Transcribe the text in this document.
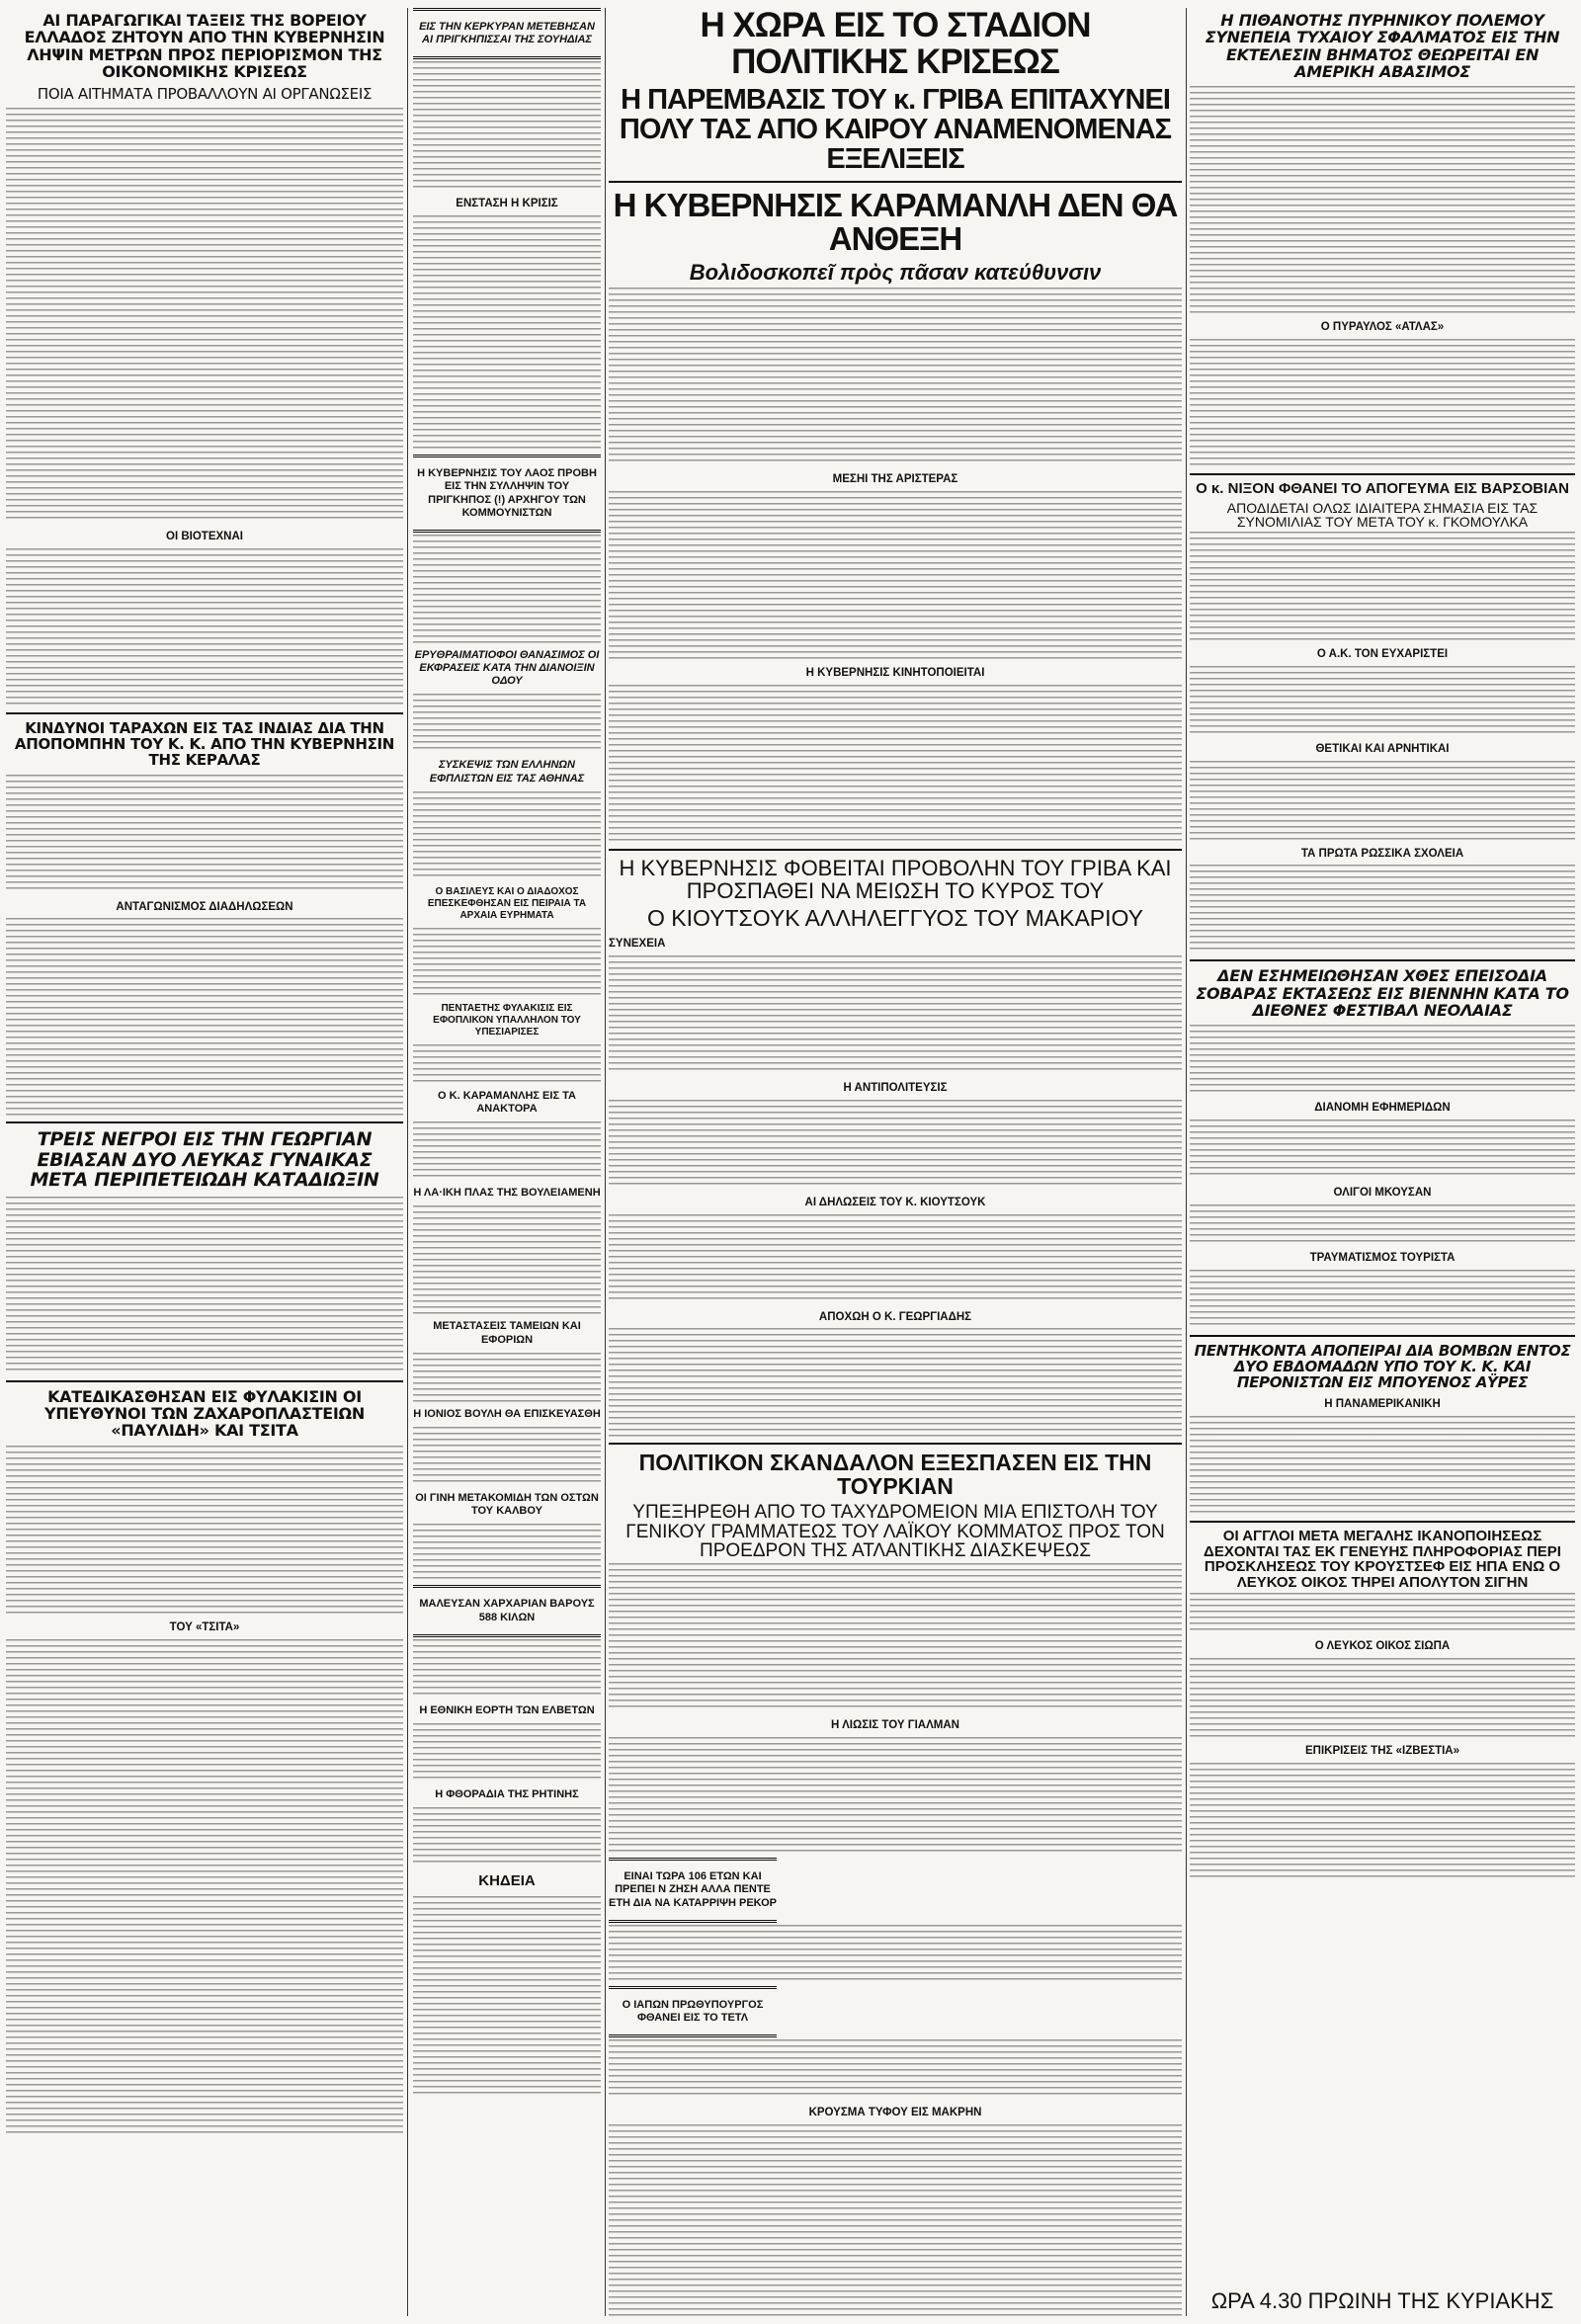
ΑΙ ΠΑΡΑΓΩΓΙΚΑΙ ΤΑΞΕΙΣ ΤΗΣ ΒΟΡΕΙΟΥ ΕΛΛΑΔΟΣ ΖΗΤΟΥΝ ΑΠΟ ΤΗΝ ΚΥΒΕΡΝΗΣΙΝ ΛΗΨΙΝ ΜΕΤΡΩΝ ΠΡΟΣ ΠΕΡΙΟΡΙΣΜΟΝ ΤΗΣ ΟΙΚΟΝΟΜΙΚΗΣ ΚΡΙΣΕΩΣ
ΠΟΙΑ ΑΙΤΗΜΑΤΑ ΠΡΟΒΑΛΛΟΥΝ ΑΙ ΟΡΓΑΝΩΣΕΙΣ
ΟΙ ΒΙΟΤΕΧΝΑΙ
ΚΙΝΔΥΝΟΙ ΤΑΡΑΧΩΝ ΕΙΣ ΤΑΣ ΙΝΔΙΑΣ ΔΙΑ ΤΗΝ ΑΠΟΠΟΜΠΗΝ ΤΟΥ Κ. Κ. ΑΠΟ ΤΗΝ ΚΥΒΕΡΝΗΣΙΝ ΤΗΣ ΚΕΡΑΛΑΣ
ΑΝΤΑΓΩΝΙΣΜΟΣ ΔΙΑΔΗΛΩΣΕΩΝ
ΤΡΕΙΣ ΝΕΓΡΟΙ ΕΙΣ ΤΗΝ ΓΕΩΡΓΙΑΝ ΕΒΙΑΣΑΝ ΔΥΟ ΛΕΥΚΑΣ ΓΥΝΑΙΚΑΣ ΜΕΤΑ ΠΕΡΙΠΕΤΕΙΩΔΗ ΚΑΤΑΔΙΩΞΙΝ
ΚΑΤΕΔΙΚΑΣΘΗΣΑΝ ΕΙΣ ΦΥΛΑΚΙΣΙΝ ΟΙ ΥΠΕΥΘΥΝΟΙ ΤΩΝ ΖΑΧΑΡΟΠΛΑΣΤΕΙΩΝ «ΠΑΥΛΙΔΗ» ΚΑΙ ΤΣΙΤΑ
ΤΟΥ «ΤΣΙΤΑ»
ΕΙΣ ΤΗΝ ΚΕΡΚΥΡΑΝ ΜΕΤΕΒΗΣΑΝ ΑΙ ΠΡΙΓΚΗΠΙΣΣΑΙ ΤΗΣ ΣΟΥΗΔΙΑΣ
ΕΝΣΤΑΣΗ Η ΚΡΙΣΙΣ
Η ΚΥΒΕΡΝΗΣΙΣ ΤΟΥ ΛΑΟΣ ΠΡΟΒΗ ΕΙΣ ΤΗΝ ΣΥΛΛΗΨΙΝ ΤΟΥ ΠΡΙΓΚΗΠΟΣ (!) ΑΡΧΗΓΟΥ ΤΩΝ ΚΟΜΜΟΥΝΙΣΤΩΝ
ΕΡΥΘΡΑΙΜΑΤΙΟΦΟΙ ΘΑΝΑΣΙΜΟΣ ΟΙ ΕΚΦΡΑΣΕΙΣ ΚΑΤΑ ΤΗΝ ΔΙΑΝΟΙΞΙΝ ΟΔΟΥ
ΣΥΣΚΕΨΙΣ ΤΩΝ ΕΛΛΗΝΩΝ ΕΦΠΛΙΣΤΩΝ ΕΙΣ ΤΑΣ ΑΘΗΝΑΣ
Ο ΒΑΣΙΛΕΥΣ ΚΑΙ Ο ΔΙΑΔΟΧΟΣ ΕΠΕΣΚΕΦΘΗΣΑΝ ΕΙΣ ΠΕΙΡΑΙΑ ΤΑ ΑΡΧΑΙΑ ΕΥΡΗΜΑΤΑ
ΠΕΝΤΑΕΤΗΣ ΦΥΛΑΚΙΣΙΣ ΕΙΣ ΕΦΟΠΛΙΚΟΝ ΥΠΑΛΛΗΛΟΝ ΤΟΥ ΥΠΕΣΙΑΡΙΣΕΣ
Ο Κ. ΚΑΡΑΜΑΝΛΗΣ ΕΙΣ ΤΑ ΑΝΑΚΤΟΡΑ
Η ΛΑ·ΙΚΗ ΠΛΑΣ ΤΗΣ ΒΟΥΛΕΙΑΜΕΝΗ
ΜΕΤΑΣΤΑΣΕΙΣ ΤΑΜΕΙΩΝ ΚΑΙ ΕΦΟΡΙΩΝ
Η ΙΟΝΙΟΣ ΒΟΥΛΗ ΘΑ ΕΠΙΣΚΕΥΑΣΘΗ
ΟΙ ΓΙΝΗ ΜΕΤΑΚΟΜΙΔΗ ΤΩΝ ΟΣΤΩΝ ΤΟΥ ΚΑΛΒΟΥ
ΜΑΛΕΥΣΑΝ ΧΑΡΧΑΡΙΑΝ ΒΑΡΟΥΣ 588 ΚΙΛΩΝ
Η ΕΘΝΙΚΗ ΕΟΡΤΗ ΤΩΝ ΕΛΒΕΤΩΝ
Η ΦΘΟΡΑΔΙΑ ΤΗΣ ΡΗΤΙΝΗΣ
ΚΗΔΕΙΑ
Η ΧΩΡΑ ΕΙΣ ΤΟ ΣΤΑΔΙΟΝ ΠΟΛΙΤΙΚΗΣ ΚΡΙΣΕΩΣ
Η ΠΑΡΕΜΒΑΣΙΣ ΤΟΥ κ. ΓΡΙΒΑ ΕΠΙΤΑΧΥΝΕΙ ΠΟΛΥ ΤΑΣ ΑΠΟ ΚΑΙΡΟΥ ΑΝΑΜΕΝΟΜΕΝΑΣ ΕΞΕΛΙΞΕΙΣ
Η ΚΥΒΕΡΝΗΣΙΣ ΚΑΡΑΜΑΝΛΗ ΔΕΝ ΘΑ ΑΝΘΕΞΗ
Βολιδοσκοπεῖ πρὸς πᾶσαν κατεύθυνσιν
ΜΕΣΗΙ ΤΗΣ ΑΡΙΣΤΕΡΑΣ
Η ΚΥΒΕΡΝΗΣΙΣ ΚΙΝΗΤΟΠΟΙΕΙΤΑΙ
Η ΚΥΒΕΡΝΗΣΙΣ ΦΟΒΕΙΤΑΙ ΠΡΟΒΟΛΗΝ ΤΟΥ ΓΡΙΒΑ ΚΑΙ ΠΡΟΣΠΑΘΕΙ ΝΑ ΜΕΙΩΣΗ ΤΟ ΚΥΡΟΣ ΤΟΥ
Ο ΚΙΟΥΤΣΟΥΚ ΑΛΛΗΛΕΓΓΥΟΣ ΤΟΥ ΜΑΚΑΡΙΟΥ
ΣΥΝΕΧΕΙΑ
Η ΑΝΤΙΠΟΛΙΤΕΥΣΙΣ
ΑΙ ΔΗΛΩΣΕΙΣ ΤΟΥ Κ. ΚΙΟΥΤΣΟΥΚ
ΑΠΟΧΩΗ Ο Κ. ΓΕΩΡΓΙΑΔΗΣ
ΠΟΛΙΤΙΚΟΝ ΣΚΑΝΔΑΛΟΝ ΕΞΕΣΠΑΣΕΝ ΕΙΣ ΤΗΝ ΤΟΥΡΚΙΑΝ
ΥΠΕΞΗΡΕΘΗ ΑΠΟ ΤΟ ΤΑΧΥΔΡΟΜΕΙΟΝ ΜΙΑ ΕΠΙΣΤΟΛΗ ΤΟΥ ΓΕΝΙΚΟΥ ΓΡΑΜΜΑΤΕΩΣ ΤΟΥ ΛΑΪΚΟΥ ΚΟΜΜΑΤΟΣ ΠΡΟΣ ΤΟΝ ΠΡΟΕΔΡΟΝ ΤΗΣ ΑΤΛΑΝΤΙΚΗΣ ΔΙΑΣΚΕΨΕΩΣ
Η ΛΙΩΣΙΣ ΤΟΥ ΓΙΑΛΜΑΝ
ΕΙΝΑΙ ΤΩΡΑ 106 ΕΤΩΝ ΚΑΙ ΠΡΕΠΕΙ Ν ΖΗΣΗ ΑΛΛΑ ΠΕΝΤΕ ΕΤΗ ΔΙΑ ΝΑ ΚΑΤΑΡΡΙΨΗ ΡΕΚΟΡ
Ο ΙΑΠΩΝ ΠΡΩΘΥΠΟΥΡΓΟΣ ΦΘΑΝΕΙ ΕΙΣ ΤΟ ΤΕΤΛ
ΚΡΟΥΣΜΑ ΤΥΦΟΥ ΕΙΣ ΜΑΚΡΗΝ
Η ΠΙΘΑΝΟΤΗΣ ΠΥΡΗΝΙΚΟΥ ΠΟΛΕΜΟΥ ΣΥΝΕΠΕΙΑ ΤΥΧΑΙΟΥ ΣΦΑΛΜΑΤΟΣ ΕΙΣ ΤΗΝ ΕΚΤΕΛΕΣΙΝ ΒΗΜΑΤΟΣ ΘΕΩΡΕΙΤΑΙ ΕΝ ΑΜΕΡΙΚΗ ΑΒΑΣΙΜΟΣ
Ο ΠΥΡΑΥΛΟΣ «ΑΤΛΑΣ»
Ο κ. ΝΙΞΟΝ ΦΘΑΝΕΙ ΤΟ ΑΠΟΓΕΥΜΑ ΕΙΣ ΒΑΡΣΟΒΙΑΝ
ΑΠΟΔΙΔΕΤΑΙ ΟΛΩΣ ΙΔΙΑΙΤΕΡΑ ΣΗΜΑΣΙΑ ΕΙΣ ΤΑΣ ΣΥΝΟΜΙΛΙΑΣ ΤΟΥ ΜΕΤΑ ΤΟΥ κ. ΓΚΟΜΟΥΛΚΑ
Ο Α.Κ. ΤΟΝ ΕΥΧΑΡΙΣΤΕΙ
ΘΕΤΙΚΑΙ ΚΑΙ ΑΡΝΗΤΙΚΑΙ
ΤΑ ΠΡΩΤΑ ΡΩΣΣΙΚΑ ΣΧΟΛΕΙΑ
ΔΕΝ ΕΣΗΜΕΙΩΘΗΣΑΝ ΧΘΕΣ ΕΠΕΙΣΟΔΙΑ ΣΟΒΑΡΑΣ ΕΚΤΑΣΕΩΣ ΕΙΣ ΒΙΕΝΝΗΝ ΚΑΤΑ ΤΟ ΔΙΕΘΝΕΣ ΦΕΣΤΙΒΑΛ ΝΕΟΛΑΙΑΣ
ΔΙΑΝΟΜΗ ΕΦΗΜΕΡΙΔΩΝ
ΟΛΙΓΟΙ ΜΚΟΥΣΑΝ
ΤΡΑΥΜΑΤΙΣΜΟΣ ΤΟΥΡΙΣΤΑ
ΠΕΝΤΗΚΟΝΤΑ ΑΠΟΠΕΙΡΑΙ ΔΙΑ ΒΟΜΒΩΝ ΕΝΤΟΣ ΔΥΟ ΕΒΔΟΜΑΔΩΝ ΥΠΟ ΤΟΥ Κ. Κ. ΚΑΙ ΠΕΡΟΝΙΣΤΩΝ ΕΙΣ ΜΠΟΥΕΝΟΣ ΑΫΡΕΣ
Η ΠΑΝΑΜΕΡΙΚΑΝΙΚΗ
ΟΙ ΑΓΓΛΟΙ ΜΕΤΑ ΜΕΓΑΛΗΣ ΙΚΑΝΟΠΟΙΗΣΕΩΣ ΔΕΧΟΝΤΑΙ ΤΑΣ ΕΚ ΓΕΝΕΥΗΣ ΠΛΗΡΟΦΟΡΙΑΣ ΠΕΡΙ ΠΡΟΣΚΛΗΣΕΩΣ ΤΟΥ ΚΡΟΥΣΤΣΕΦ ΕΙΣ ΗΠΑ ΕΝΩ Ο ΛΕΥΚΟΣ ΟΙΚΟΣ ΤΗΡΕΙ ΑΠΟΛΥΤΟΝ ΣΙΓΗΝ
Ο ΛΕΥΚΟΣ ΟΙΚΟΣ ΣΙΩΠΑ
ΕΠΙΚΡΙΣΕΙΣ ΤΗΣ «ΙΖΒΕΣΤΙΑ»
ΩΡΑ 4.30 ΠΡΩΙΝΗ ΤΗΣ ΚΥΡΙΑΚΗΣ
